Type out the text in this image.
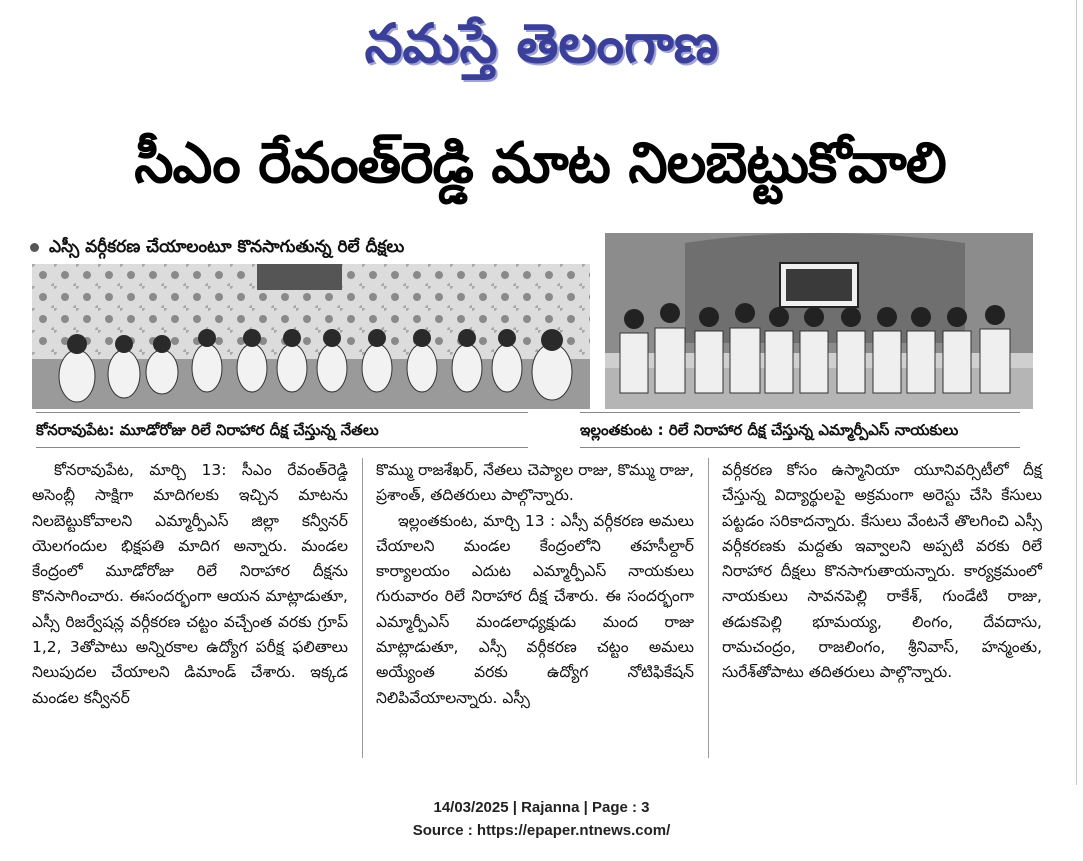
నమస్తే తెలంగాణ
సీఎం రేవంత్‌రెడ్డి మాట నిలబెట్టుకోవాలి
ఎస్సీ వర్గీకరణ చేయాలంటూ కొనసాగుతున్న రిలే దీక్షలు
కోనరావుపేట: మూడోరోజు రిలే నిరాహార దీక్ష చేస్తున్న నేతలు	ఇల్లంతకుంట : రిలే నిరాహార దీక్ష చేస్తున్న ఎమ్మార్పీఎస్ నాయకులు

కోనరావుపేట, మార్చి 13: సీఎం రేవంత్‌రెడ్డి అసెంబ్లీ సాక్షిగా మాదిగలకు ఇచ్చిన మాటను నిలబెట్టుకోవాలని ఎమ్మార్పీఎస్ జిల్లా కన్వీనర్ యెలగందుల భిక్షపతి మాదిగ అన్నారు. మండల కేంద్రంలో మూడోరోజు రిలే నిరాహార దీక్షను కొనసాగించారు. ఈసందర్భంగా ఆయన మాట్లాడుతూ, ఎస్సీ రిజర్వేషన్ల వర్గీకరణ చట్టం వచ్చేంత వరకు గ్రూప్ 1,2, 3తోపాటు అన్నిరకాల ఉద్యోగ పరీక్ష ఫలితాలు నిలుపుదల చేయాలని డిమాండ్ చేశారు. ఇక్కడ మండల కన్వీనర్

కొమ్ము రాజశేఖర్, నేతలు చెప్యాల రాజు, కొమ్ము రాజు, ప్రశాంత్, తదితరులు పాల్గొన్నారు.

ఇల్లంతకుంట, మార్చి 13 : ఎస్సీ వర్గీకరణ అమలు చేయాలని మండల కేంద్రంలోని తహసీల్దార్ కార్యాలయం ఎదుట ఎమ్మార్పీఎస్ నాయకులు గురువారం రిలే నిరాహార దీక్ష చేశారు. ఈ సందర్భంగా ఎమ్మార్పీఎస్ మండలాధ్యక్షుడు మంద రాజు మాట్లాడుతూ, ఎస్సీ వర్గీకరణ చట్టం అమలు అయ్యేంత వరకు ఉద్యోగ నోటిఫికేషన్ నిలిపివేయాలన్నారు. ఎస్సీ

వర్గీకరణ కోసం ఉస్మానియా యూనివర్సిటీలో దీక్ష చేస్తున్న విద్యార్థులపై అక్రమంగా అరెస్టు చేసి కేసులు పట్టడం సరికాదన్నారు. కేసులు వేంటనే తొలగించి ఎస్సీ వర్గీకరణకు మద్దతు ఇవ్వాలని అప్పటి వరకు రిలే నిరాహార దీక్షలు కొనసాగుతాయన్నారు. కార్యక్రమంలో నాయకులు సావనపెల్లి రాకేశ్, గుండేటి రాజు, తడుకపెల్లి భూమయ్య, లింగం, దేవదాసు, రామచంద్రం, రాజలింగం, శ్రీనివాస్, హన్మంతు, సురేశ్‌తోపాటు తదితరులు పాల్గొన్నారు.

14/03/2025 | Rajanna | Page : 3
Source : https://epaper.ntnews.com/
